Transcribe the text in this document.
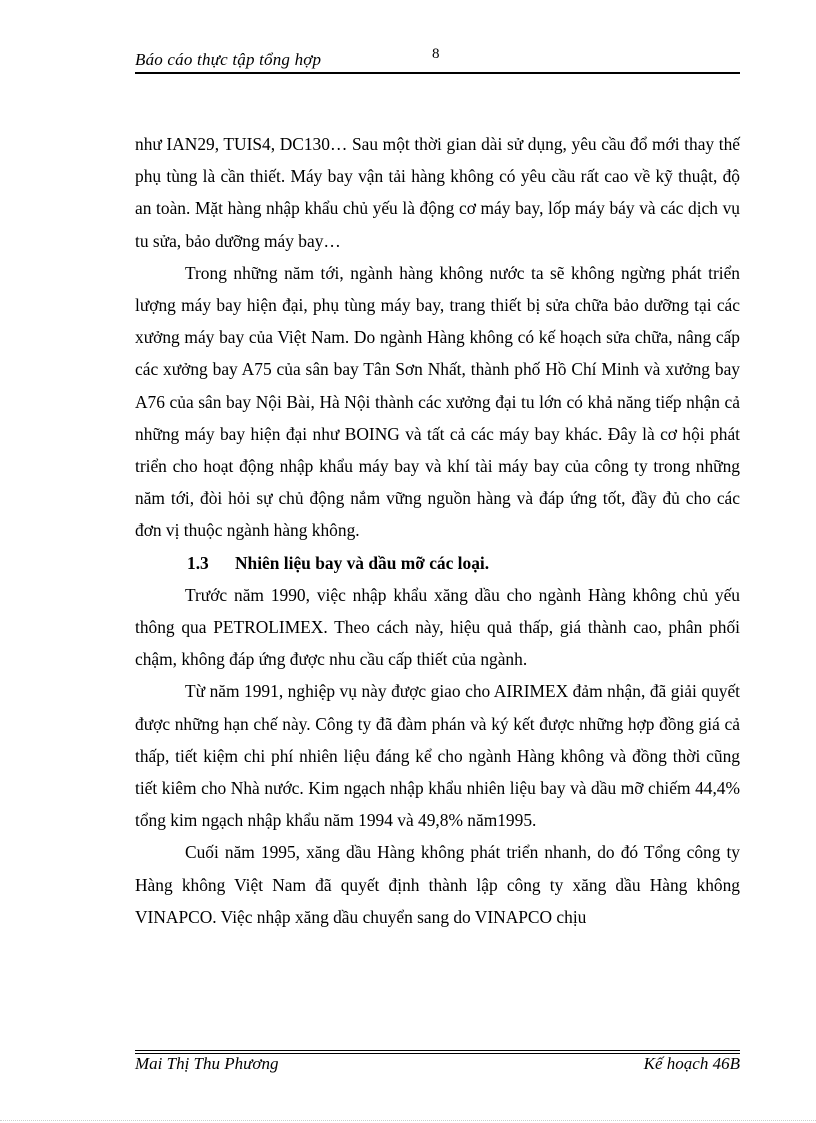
Báo cáo thực tập tổng hợp	8

như IAN29, TUIS4, DC130… Sau một thời gian dài sử dụng, yêu cầu đổ mới thay thế phụ tùng là cần thiết. Máy bay vận tải hàng không có yêu cầu rất cao về kỹ thuật, độ an toàn. Mặt hàng nhập khẩu chủ yếu là động cơ máy bay, lốp máy báy và các dịch vụ tu sửa, bảo dưỡng máy bay…

Trong những năm tới, ngành hàng không nước ta sẽ không ngừng phát triển lượng máy bay hiện đại, phụ tùng máy bay, trang thiết bị sửa chữa bảo dưỡng tại các xưởng máy bay của Việt Nam. Do ngành Hàng không có kế hoạch sửa chữa, nâng cấp các xưởng bay A75 của sân bay Tân Sơn Nhất, thành phố Hồ Chí Minh và xưởng bay A76 của sân bay Nội Bài, Hà Nội thành các xưởng đại tu lớn có khả năng tiếp nhận cả những máy bay hiện đại như BOING và tất cả các máy bay khác. Đây là cơ hội phát triển cho hoạt động nhập khẩu máy bay và khí tài máy bay của công ty trong những năm tới, đòi hỏi sự chủ động nắm vững nguồn hàng và đáp ứng tốt, đầy đủ cho các đơn vị thuộc ngành hàng không.

1.3 Nhiên liệu bay và dầu mỡ các loại.

Trước năm 1990, việc nhập khẩu xăng dầu cho ngành Hàng không chủ yếu thông qua PETROLIMEX. Theo cách này, hiệu quả thấp, giá thành cao, phân phối chậm, không đáp ứng được nhu cầu cấp thiết của ngành.

Từ năm 1991, nghiệp vụ này được giao cho AIRIMEX đảm nhận, đã giải quyết được những hạn chế này. Công ty đã đàm phán và ký kết được những hợp đồng giá cả thấp, tiết kiệm chi phí nhiên liệu đáng kể cho ngành Hàng không và đồng thời cũng tiết kiêm cho Nhà nước. Kim ngạch nhập khẩu nhiên liệu bay và dầu mỡ chiếm 44,4% tổng kim ngạch nhập khẩu năm 1994 và 49,8% năm1995.

Cuối năm 1995, xăng dầu Hàng không phát triển nhanh, do đó Tổng công ty Hàng không Việt Nam đã quyết định thành lập công ty xăng dầu Hàng không VINAPCO. Việc nhập xăng dầu chuyển sang do VINAPCO chịu

Mai Thị Thu Phương	Kế hoạch 46B
